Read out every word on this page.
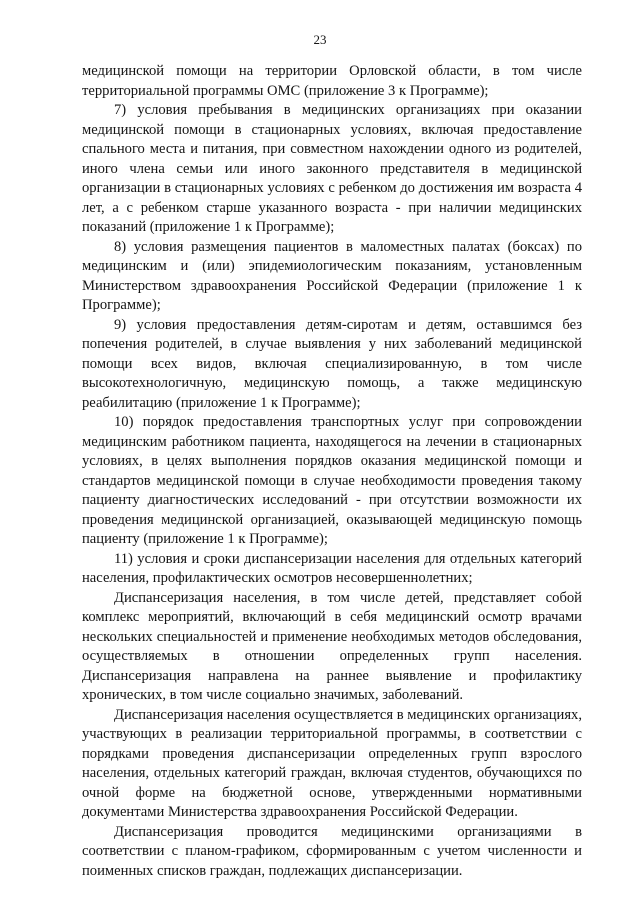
23

медицинской помощи на территории Орловской области, в том числе территориальной программы ОМС (приложение 3 к Программе);

7) условия пребывания в медицинских организациях при оказании медицинской помощи в стационарных условиях, включая предоставление спального места и питания, при совместном нахождении одного из родителей, иного члена семьи или иного законного представителя в медицинской организации в стационарных условиях с ребенком до достижения им возраста 4 лет, а с ребенком старше указанного возраста - при наличии медицинских показаний (приложение 1 к Программе);

8) условия размещения пациентов в маломестных палатах (боксах) по медицинским и (или) эпидемиологическим показаниям, установленным Министерством здравоохранения Российской Федерации (приложение 1 к Программе);

9) условия предоставления детям-сиротам и детям, оставшимся без попечения родителей, в случае выявления у них заболеваний медицинской помощи всех видов, включая специализированную, в том числе высокотехнологичную, медицинскую помощь, а также медицинскую реабилитацию (приложение 1 к Программе);

10) порядок предоставления транспортных услуг при сопровождении медицинским работником пациента, находящегося на лечении в стационарных условиях, в целях выполнения порядков оказания медицинской помощи и стандартов медицинской помощи в случае необходимости проведения такому пациенту диагностических исследований - при отсутствии возможности их проведения медицинской организацией, оказывающей медицинскую помощь пациенту (приложение 1 к Программе);

11) условия и сроки диспансеризации населения для отдельных категорий населения, профилактических осмотров несовершеннолетних;

Диспансеризация населения, в том числе детей, представляет собой комплекс мероприятий, включающий в себя медицинский осмотр врачами нескольких специальностей и применение необходимых методов обследования, осуществляемых в отношении определенных групп населения. Диспансеризация направлена на раннее выявление и профилактику хронических, в том числе социально значимых, заболеваний.

Диспансеризация населения осуществляется в медицинских организациях, участвующих в реализации территориальной программы, в соответствии с порядками проведения диспансеризации определенных групп взрослого населения, отдельных категорий граждан, включая студентов, обучающихся по очной форме на бюджетной основе, утвержденными нормативными документами Министерства здравоохранения Российской Федерации.

Диспансеризация проводится медицинскими организациями в соответствии с планом-графиком, сформированным с учетом численности и поименных списков граждан, подлежащих диспансеризации.
